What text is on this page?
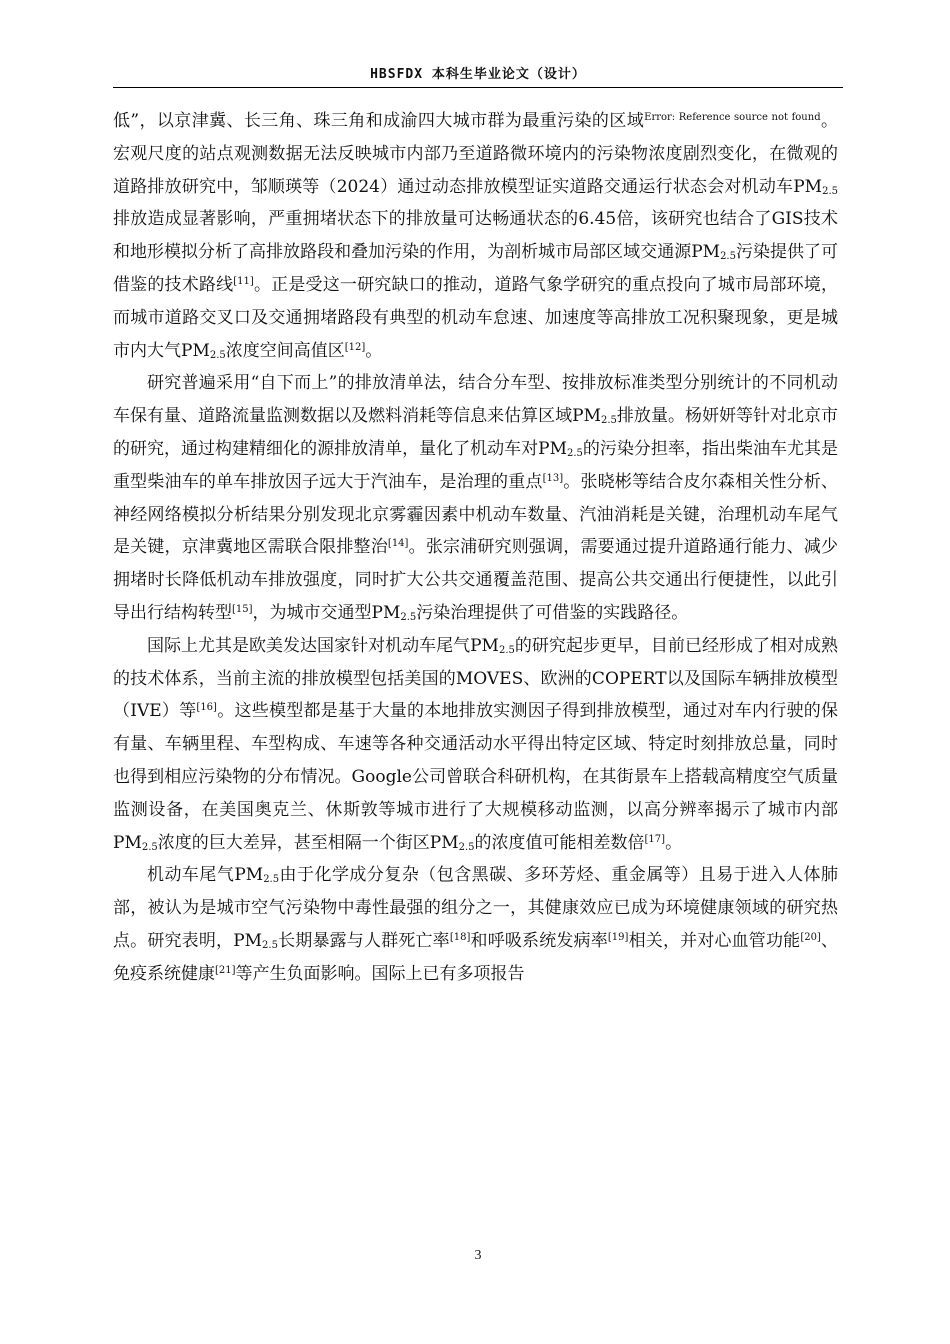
HBSFDX 本科生毕业论文（设计）

低”，以京津冀、长三角、珠三角和成渝四大城市群为最重污染的区域$^{Error: Reference source not found}$。宏观尺度的站点观测数据无法反映城市内部乃至道路微环境内的污染物浓度剧烈变化，在微观的道路排放研究中，邹顺瑛等（2024）通过动态排放模型证实道路交通运行状态会对机动车$PM_{2.5}$排放造成显著影响，严重拥堵状态下的排放量可达畅通状态的6.45倍，该研究也结合了GIS技术和地形模拟分析了高排放路段和叠加污染的作用，为剖析城市局部区域交通源$PM_{2.5}$污染提供了可借鉴的技术路线[11]。正是受这一研究缺口的推动，道路气象学研究的重点投向了城市局部环境，而城市道路交叉口及交通拥堵路段有典型的机动车怠速、加速度等高排放工况积聚现象，更是城市内大气$PM_{2.5}$浓度空间高值区[12]。

研究普遍采用“自下而上”的排放清单法，结合分车型、按排放标准类型分别统计的不同机动车保有量、道路流量监测数据以及燃料消耗等信息来估算区域$PM_{2.5}$排放量。杨妍妍等针对北京市的研究，通过构建精细化的源排放清单，量化了机动车对$PM_{2.5}$的污染分担率，指出柴油车尤其是重型柴油车的单车排放因子远大于汽油车，是治理的重点[13]。张晓彬等结合皮尔森相关性分析、神经网络模拟分析结果分别发现北京雾霾因素中机动车数量、汽油消耗是关键，治理机动车尾气是关键，京津冀地区需联合限排整治[14]。张宗浦研究则强调，需要通过提升道路通行能力、减少拥堵时长降低机动车排放强度，同时扩大公共交通覆盖范围、提高公共交通出行便捷性，以此引导出行结构转型[15]，为城市交通型$PM_{2.5}$污染治理提供了可借鉴的实践路径。

国际上尤其是欧美发达国家针对机动车尾气$PM_{2.5}$的研究起步更早，目前已经形成了相对成熟的技术体系，当前主流的排放模型包括美国的MOVES、欧洲的COPERT以及国际车辆排放模型（IVE）等[16]。这些模型都是基于大量的本地排放实测因子得到排放模型，通过对车内行驶的保有量、车辆里程、车型构成、车速等各种交通活动水平得出特定区域、特定时刻排放总量，同时也得到相应污染物的分布情况。Google公司曾联合科研机构，在其街景车上搭载高精度空气质量监测设备，在美国奥克兰、休斯敦等城市进行了大规模移动监测，以高分辨率揭示了城市内部$PM_{2.5}$浓度的巨大差异，甚至相隔一个街区$PM_{2.5}$的浓度值可能相差数倍[17]。

机动车尾气$PM_{2.5}$由于化学成分复杂（包含黑碳、多环芳烃、重金属等）且易于进入人体肺部，被认为是城市空气污染物中毒性最强的组分之一，其健康效应已成为环境健康领域的研究热点。研究表明，$PM_{2.5}$长期暴露与人群死亡率[18]和呼吸系统发病率[19]相关，并对心血管功能[20]、免疫系统健康[21]等产生负面影响。国际上已有多项报告

3
